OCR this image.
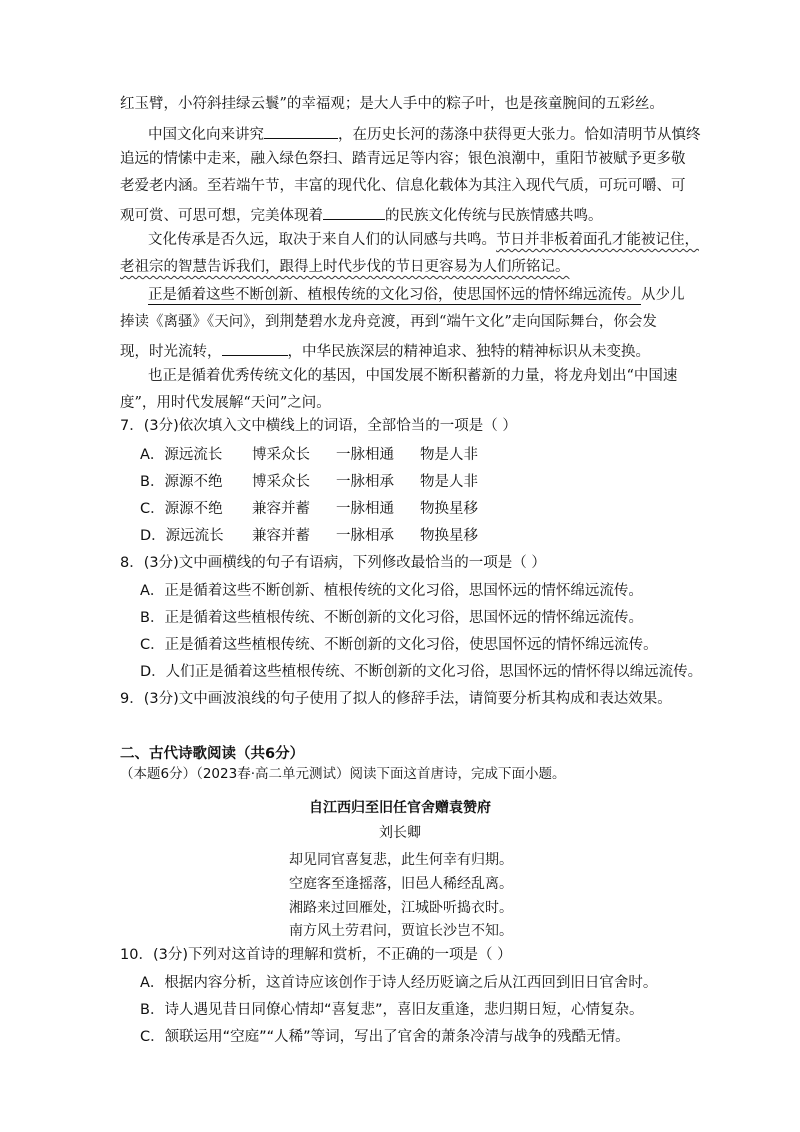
红玉臂，小符斜挂绿云鬟”的幸福观；是大人手中的粽子叶，也是孩童腕间的五彩丝。
中国文化向来讲究	，在历史长河的荡涤中获得更大张力。恰如清明节从慎终
追远的情愫中走来，融入绿色祭扫、踏青远足等内容；银色浪潮中，重阳节被赋予更多敬
老爱老内涵。至若端午节，丰富的现代化、信息化载体为其注入现代气质，可玩可嚼、可
观可赏、可思可想，完美体现着	的民族文化传统与民族情感共鸣。
文化传承是否久远，取决于来自人们的认同感与共鸣。节日并非板着面孔才能被记住，
老祖宗的智慧告诉我们，跟得上时代步伐的节日更容易为人们所铭记。
正是循着这些不断创新、植根传统的文化习俗，使思国怀远的情怀绵远流传。从少儿
捧读《离骚》《天问》，到荆楚碧水龙舟竞渡，再到“端午文化”走向国际舞台，你会发
现，时光流转，	，中华民族深层的精神追求、独特的精神标识从未变换。
也正是循着优秀传统文化的基因，中国发展不断积蓄新的力量，将龙舟划出“中国速
度”，用时代发展解“天问”之问。
7．(3分)依次填入文中横线上的词语，全部恰当的一项是（ ）
A．源远流长 博采众长 一脉相通 物是人非
B．源源不绝 博采众长 一脉相承 物是人非
C．源源不绝 兼容并蓄 一脉相通 物换星移
D．源远流长 兼容并蓄 一脉相承 物换星移
8．(3分)文中画横线的句子有语病，下列修改最恰当的一项是（ ）
A．正是循着这些不断创新、植根传统的文化习俗，思国怀远的情怀绵远流传。
B．正是循着这些植根传统、不断创新的文化习俗，思国怀远的情怀绵远流传。
C．正是循着这些植根传统、不断创新的文化习俗，使思国怀远的情怀绵远流传。
D．人们正是循着这些植根传统、不断创新的文化习俗，思国怀远的情怀得以绵远流传。
9．(3分)文中画波浪线的句子使用了拟人的修辞手法，请简要分析其构成和表达效果。
二、古代诗歌阅读（共6分）
（本题6分）（2023春·高二单元测试）阅读下面这首唐诗，完成下面小题。
自江西归至旧任官舍赠袁赞府
刘长卿
却见同官喜复悲，此生何幸有归期。
空庭客至逢摇落，旧邑人稀经乱离。
湘路来过回雁处，江城卧听捣衣时。
南方风土劳君问，贾谊长沙岂不知。
10．(3分)下列对这首诗的理解和赏析，不正确的一项是（ ）
A．根据内容分析，这首诗应该创作于诗人经历贬谪之后从江西回到旧日官舍时。
B．诗人遇见昔日同僚心情却“喜复悲”，喜旧友重逢，悲归期日短，心情复杂。
C．颔联运用“空庭”“人稀”等词，写出了官舍的萧条冷清与战争的残酷无情。
